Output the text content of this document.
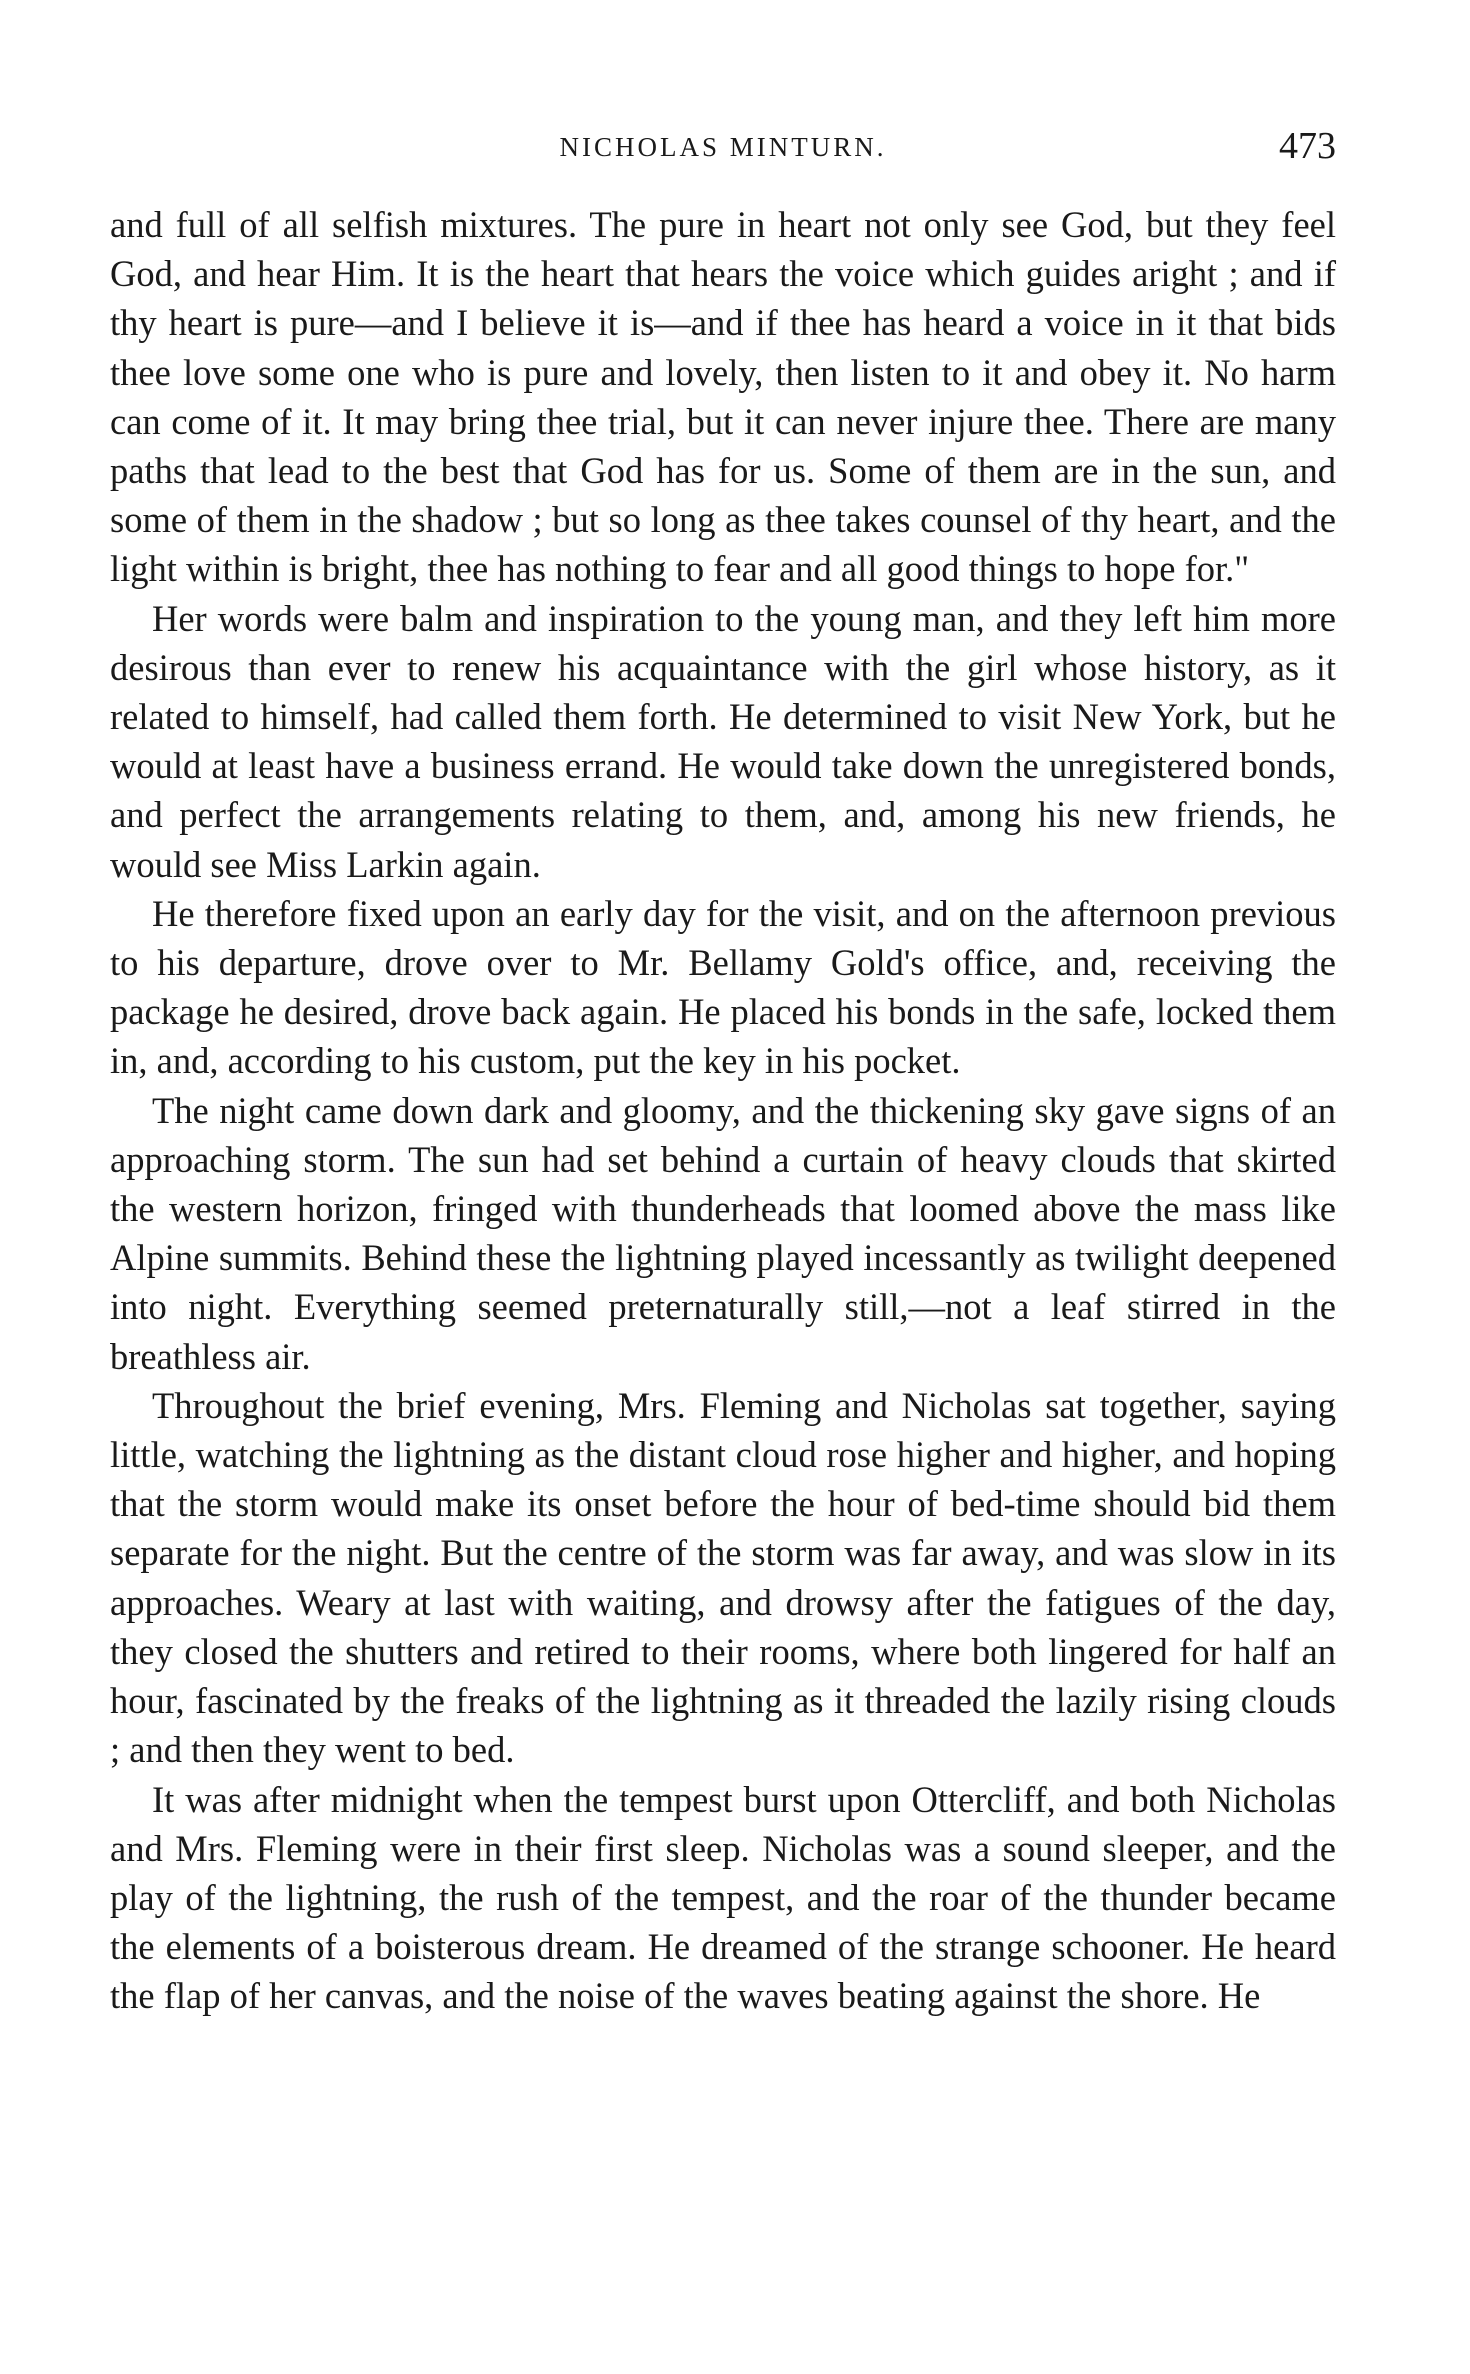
NICHOLAS MINTURN.	473

and full of all selfish mixtures. The pure in heart not only see God, but they feel God, and hear Him. It is the heart that hears the voice which guides aright ; and if thy heart is pure—and I believe it is—and if thee has heard a voice in it that bids thee love some one who is pure and lovely, then listen to it and obey it. No harm can come of it. It may bring thee trial, but it can never injure thee. There are many paths that lead to the best that God has for us. Some of them are in the sun, and some of them in the shadow ; but so long as thee takes counsel of thy heart, and the light within is bright, thee has nothing to fear and all good things to hope for."

Her words were balm and inspiration to the young man, and they left him more desirous than ever to renew his acquaintance with the girl whose history, as it related to himself, had called them forth. He determined to visit New York, but he would at least have a business errand. He would take down the unregistered bonds, and perfect the arrangements relating to them, and, among his new friends, he would see Miss Larkin again.

He therefore fixed upon an early day for the visit, and on the afternoon previous to his departure, drove over to Mr. Bellamy Gold's office, and, receiving the package he desired, drove back again. He placed his bonds in the safe, locked them in, and, according to his custom, put the key in his pocket.

The night came down dark and gloomy, and the thickening sky gave signs of an approaching storm. The sun had set behind a curtain of heavy clouds that skirted the western horizon, fringed with thunderheads that loomed above the mass like Alpine summits. Behind these the lightning played incessantly as twilight deepened into night. Everything seemed preternaturally still,—not a leaf stirred in the breathless air.

Throughout the brief evening, Mrs. Fleming and Nicholas sat together, saying little, watching the lightning as the distant cloud rose higher and higher, and hoping that the storm would make its onset before the hour of bed-time should bid them separate for the night. But the centre of the storm was far away, and was slow in its approaches. Weary at last with waiting, and drowsy after the fatigues of the day, they closed the shutters and retired to their rooms, where both lingered for half an hour, fascinated by the freaks of the lightning as it threaded the lazily rising clouds ; and then they went to bed.

It was after midnight when the tempest burst upon Ottercliff, and both Nicholas and Mrs. Fleming were in their first sleep. Nicholas was a sound sleeper, and the play of the lightning, the rush of the tempest, and the roar of the thunder became the elements of a boisterous dream. He dreamed of the strange schooner. He heard the flap of her canvas, and the noise of the waves beating against the shore. He
